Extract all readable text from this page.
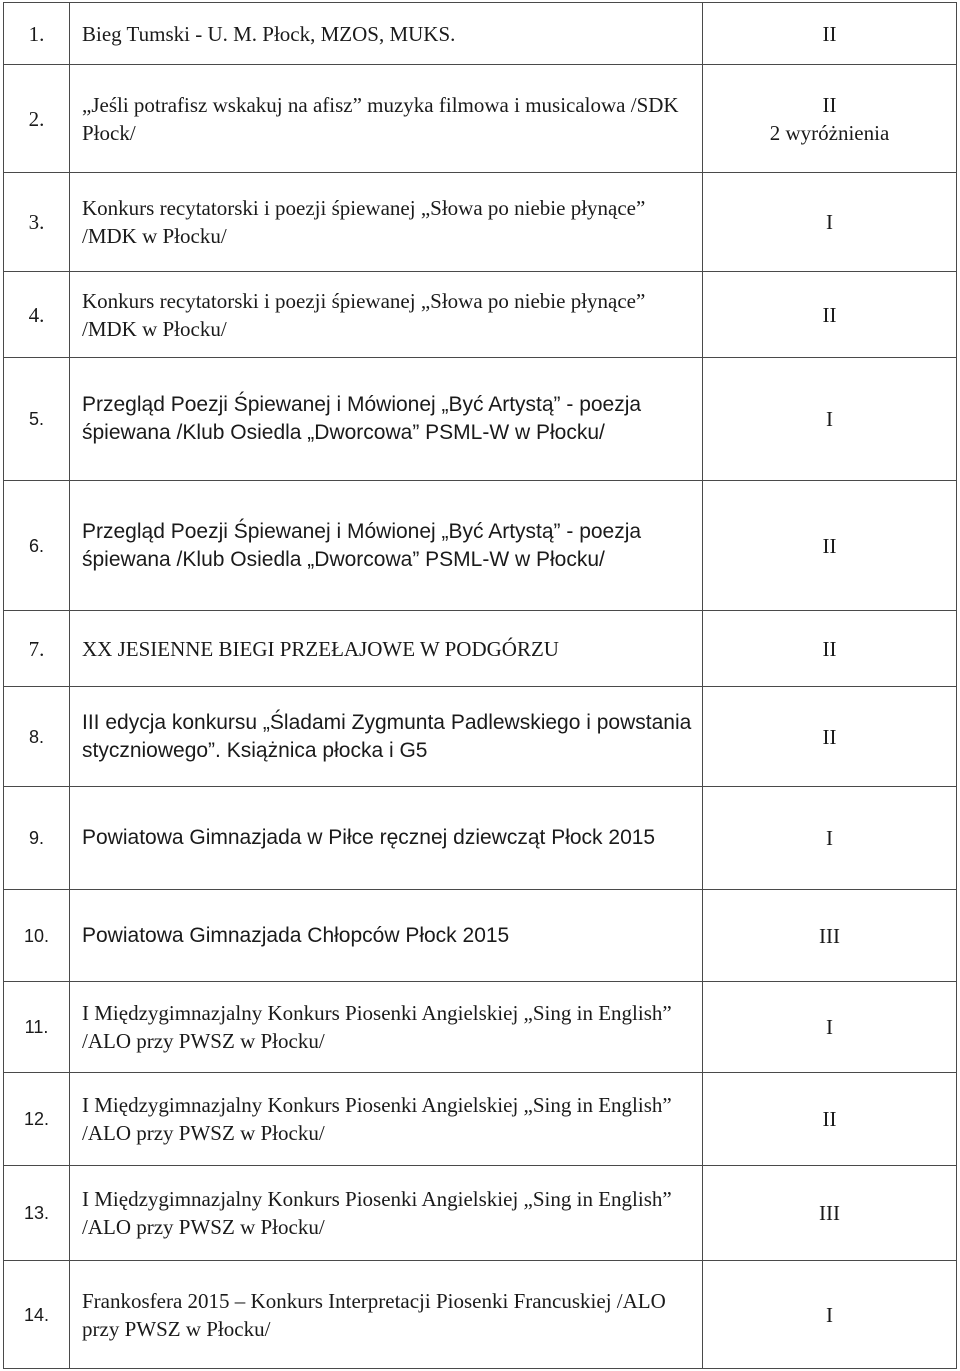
1.	Bieg Tumski - U. M. Płock, MZOS, MUKS.	II

2.	„Jeśli potrafisz wskakuj na afisz” muzyka filmowa i musicalowa /SDK Płock/	II
2 wyróżnienia

3.	Konkurs recytatorski i poezji śpiewanej „Słowa po niebie płynące” /MDK w Płocku/	I

4.	Konkurs recytatorski i poezji śpiewanej „Słowa po niebie płynące” /MDK w Płocku/	II

5.	Przegląd Poezji Śpiewanej i Mówionej „Być Artystą” - poezja śpiewana /Klub Osiedla „Dworcowa” PSML-W w Płocku/	I

6.	Przegląd Poezji Śpiewanej i Mówionej „Być Artystą” - poezja śpiewana /Klub Osiedla „Dworcowa” PSML-W w Płocku/	II

7.	XX JESIENNE BIEGI PRZEŁAJOWE W PODGÓRZU	II

8.	III edycja konkursu „Śladami Zygmunta Padlewskiego i powstania styczniowego”. Książnica płocka i G5	II

9.	Powiatowa Gimnazjada w Piłce ręcznej dziewcząt Płock 2015	I

10.	Powiatowa Gimnazjada Chłopców Płock 2015	III

11.	I Międzygimnazjalny Konkurs Piosenki Angielskiej „Sing in English” /ALO przy PWSZ w Płocku/	I

12.	I Międzygimnazjalny Konkurs Piosenki Angielskiej „Sing in English” /ALO przy PWSZ w Płocku/	II

13.	I Międzygimnazjalny Konkurs Piosenki Angielskiej „Sing in English” /ALO przy PWSZ w Płocku/	III

14.	Frankosfera 2015 – Konkurs Interpretacji Piosenki Francuskiej /ALO przy PWSZ w Płocku/	I
